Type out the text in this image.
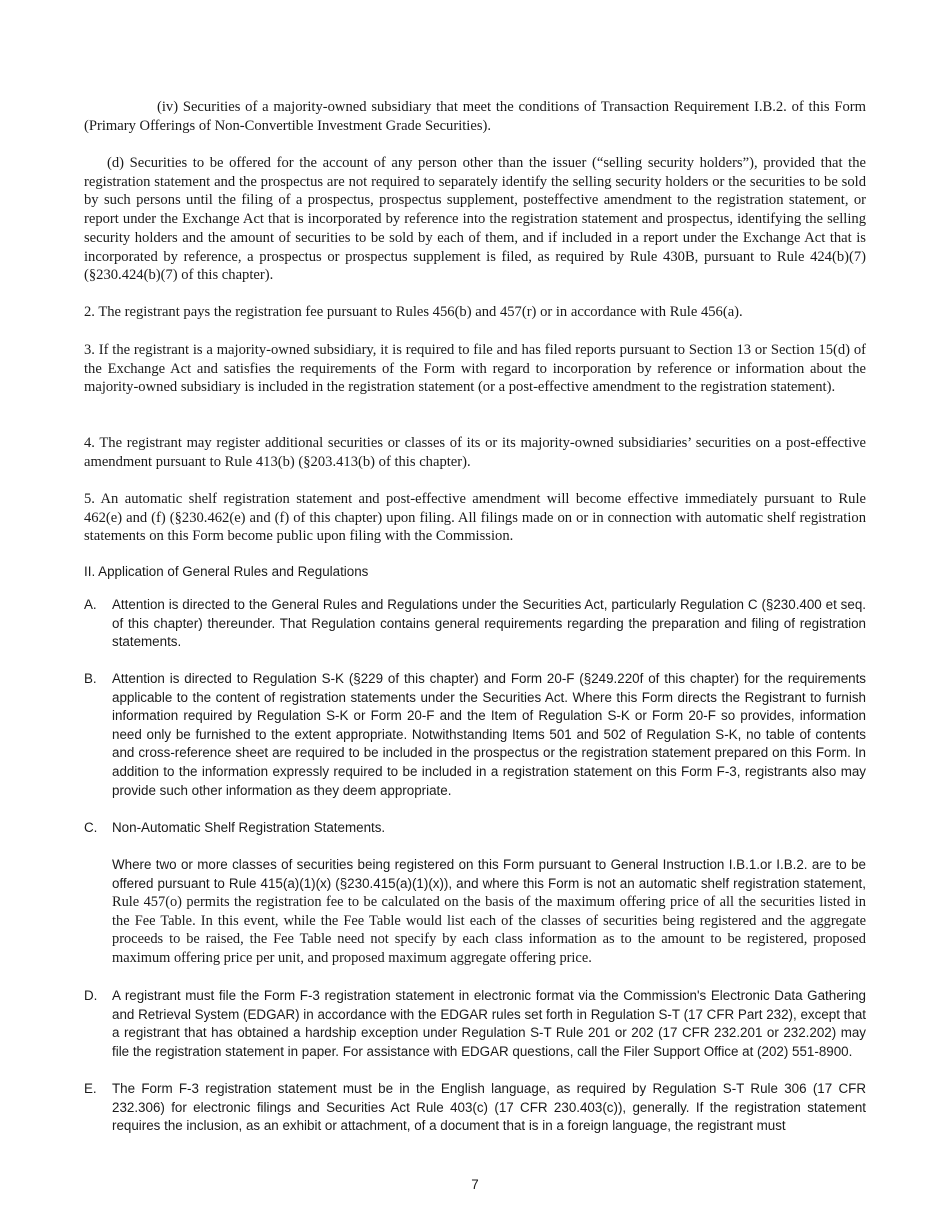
(iv) Securities of a majority-owned subsidiary that meet the conditions of Transaction Requirement I.B.2. of this Form (Primary Offerings of Non-Convertible Investment Grade Securities).

(d) Securities to be offered for the account of any person other than the issuer (“selling security holders”), provided that the registration statement and the prospectus are not required to separately identify the selling security holders or the securities to be sold by such persons until the filing of a prospectus, prospectus supplement, posteffective amendment to the registration statement, or report under the Exchange Act that is incorporated by reference into the registration statement and prospectus, identifying the selling security holders and the amount of securities to be sold by each of them, and if included in a report under the Exchange Act that is incorporated by reference, a prospectus or prospectus supplement is filed, as required by Rule 430B, pursuant to Rule 424(b)(7) (§230.424(b)(7) of this chapter).

2. The registrant pays the registration fee pursuant to Rules 456(b) and 457(r) or in accordance with Rule 456(a).

3. If the registrant is a majority-owned subsidiary, it is required to file and has filed reports pursuant to Section 13 or Section 15(d) of the Exchange Act and satisfies the requirements of the Form with regard to incorporation by reference or information about the majority-owned subsidiary is included in the registration statement (or a post-effective amendment to the registration statement).

4. The registrant may register additional securities or classes of its or its majority-owned subsidiaries’ securities on a post-effective amendment pursuant to Rule 413(b) (§203.413(b) of this chapter).

5. An automatic shelf registration statement and post-effective amendment will become effective immediately pursuant to Rule 462(e) and (f) (§230.462(e) and (f) of this chapter) upon filing. All filings made on or in connection with automatic shelf registration statements on this Form become public upon filing with the Commission.

II. Application of General Rules and Regulations

A. Attention is directed to the General Rules and Regulations under the Securities Act, particularly Regulation C (§230.400 et seq. of this chapter) thereunder. That Regulation contains general requirements regarding the preparation and filing of registration statements.
B. Attention is directed to Regulation S-K (§229 of this chapter) and Form 20-F (§249.220f of this chapter) for the requirements applicable to the content of registration statements under the Securities Act. Where this Form directs the Registrant to furnish information required by Regulation S-K or Form 20-F and the Item of Regulation S-K or Form 20-F so provides, information need only be furnished to the extent appropriate. Notwithstanding Items 501 and 502 of Regulation S-K, no table of contents and cross-reference sheet are required to be included in the prospectus or the registration statement prepared on this Form. In addition to the information expressly required to be included in a registration statement on this Form F-3, registrants also may provide such other information as they deem appropriate.
C. Non-Automatic Shelf Registration Statements.
Where two or more classes of securities being registered on this Form pursuant to General Instruction I.B.1.or I.B.2. are to be offered pursuant to Rule 415(a)(1)(x) (§230.415(a)(1)(x)), and where this Form is not an automatic shelf registration statement, Rule 457(o) permits the registration fee to be calculated on the basis of the maximum offering price of all the securities listed in the Fee Table. In this event, while the Fee Table would list each of the classes of securities being registered and the aggregate proceeds to be raised, the Fee Table need not specify by each class information as to the amount to be registered, proposed maximum offering price per unit, and proposed maximum aggregate offering price.
D. A registrant must file the Form F-3 registration statement in electronic format via the Commission's Electronic Data Gathering and Retrieval System (EDGAR) in accordance with the EDGAR rules set forth in Regulation S-T (17 CFR Part 232), except that a registrant that has obtained a hardship exception under Regulation S-T Rule 201 or 202 (17 CFR 232.201 or 232.202) may file the registration statement in paper. For assistance with EDGAR questions, call the Filer Support Office at (202) 551-8900.
E. The Form F-3 registration statement must be in the English language, as required by Regulation S-T Rule 306 (17 CFR 232.306) for electronic filings and Securities Act Rule 403(c) (17 CFR 230.403(c)), generally. If the registration statement requires the inclusion, as an exhibit or attachment, of a document that is in a foreign language, the registrant must
7
